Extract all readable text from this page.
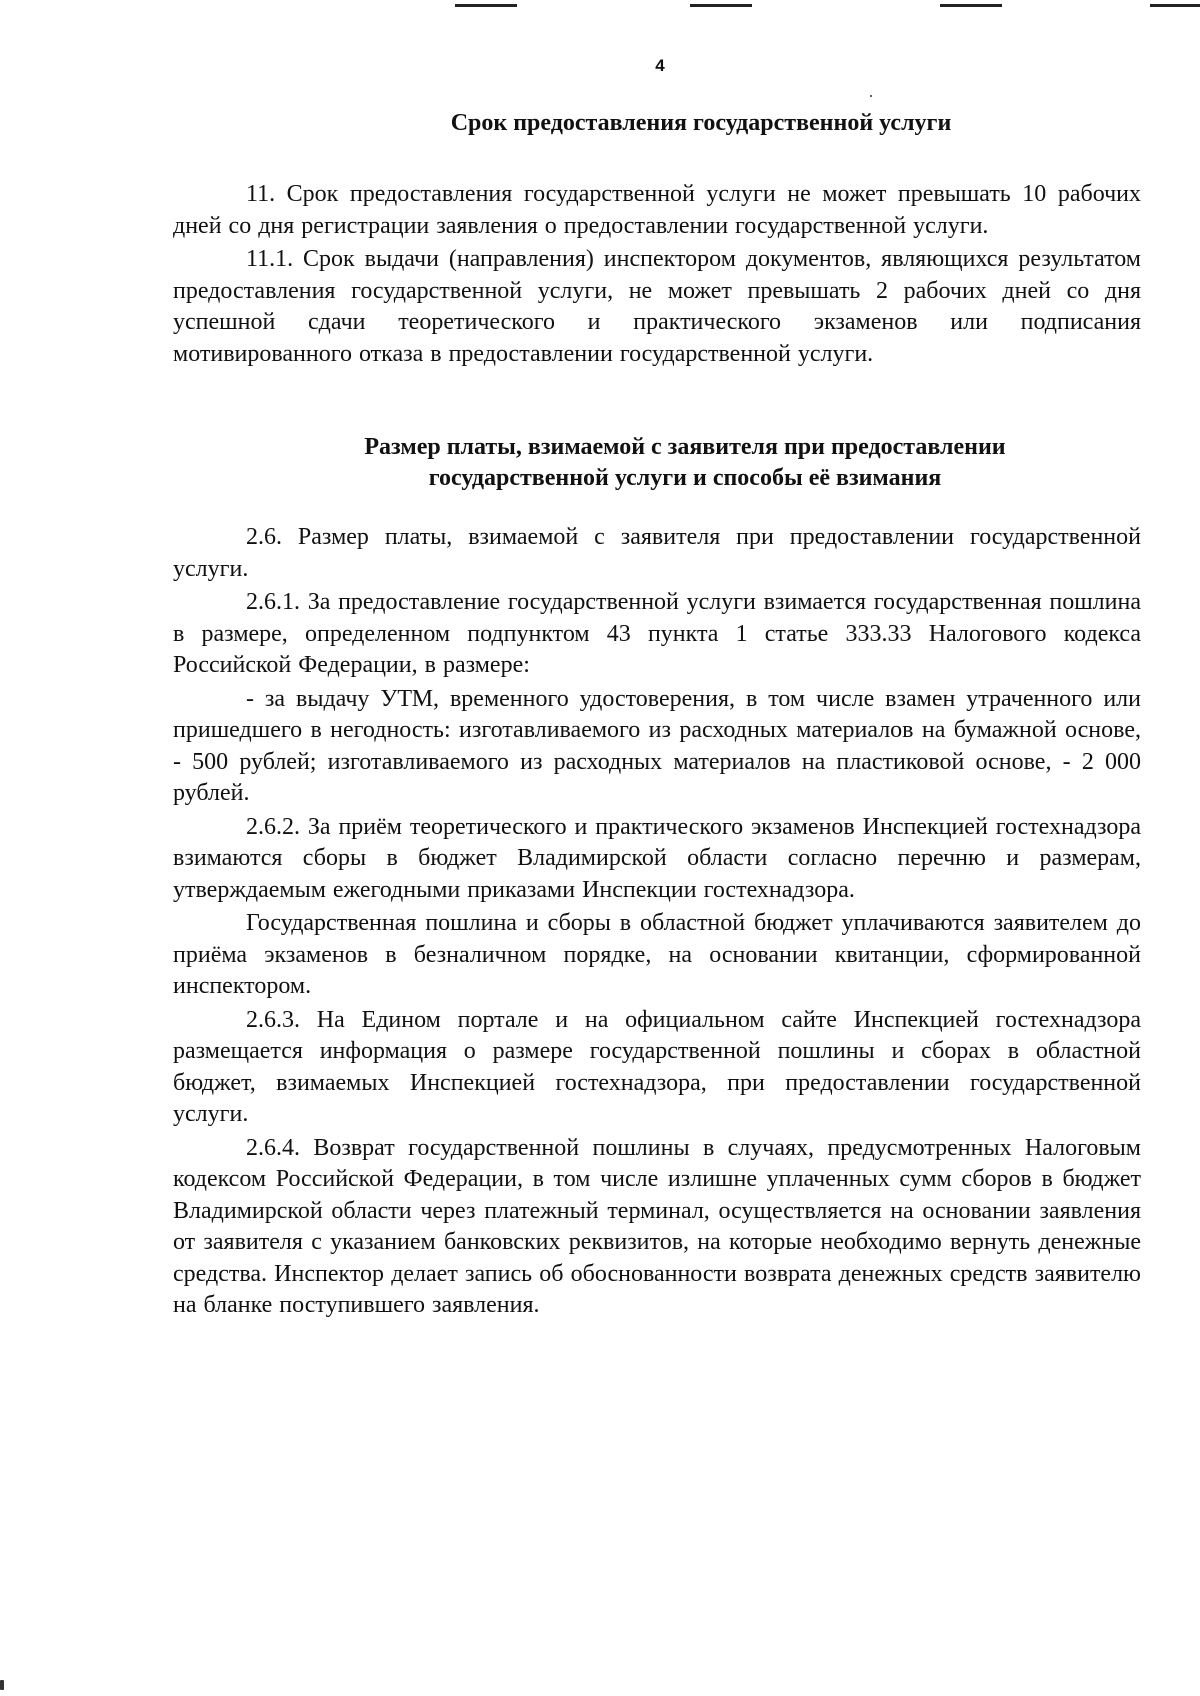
4

Срок предоставления государственной услуги

11. Срок предоставления государственной услуги не может превышать 10 рабочих дней со дня регистрации заявления о предоставлении государственной услуги.

11.1. Срок выдачи (направления) инспектором документов, являющихся результатом предоставления государственной услуги, не может превышать 2 рабочих дней со дня успешной сдачи теоретического и практического экзаменов или подписания мотивированного отказа в предоставлении государственной услуги.

Размер платы, взимаемой с заявителя при предоставлении
государственной услуги и способы её взимания

2.6. Размер платы, взимаемой с заявителя при предоставлении государственной услуги.

2.6.1. За предоставление государственной услуги взимается государственная пошлина в размере, определенном подпунктом 43 пункта 1 статье 333.33 Налогового кодекса Российской Федерации, в размере:

- за выдачу УТМ, временного удостоверения, в том числе взамен утраченного или пришедшего в негодность: изготавливаемого из расходных материалов на бумажной основе, - 500 рублей; изготавливаемого из расходных материалов на пластиковой основе, - 2 000 рублей.

2.6.2. За приём теоретического и практического экзаменов Инспекцией гостехнадзора взимаются сборы в бюджет Владимирской области согласно перечню и размерам, утверждаемым ежегодными приказами Инспекции гостехнадзора.

Государственная пошлина и сборы в областной бюджет уплачиваются заявителем до приёма экзаменов в безналичном порядке, на основании квитанции, сформированной инспектором.

2.6.3. На Едином портале и на официальном сайте Инспекцией гостехнадзора размещается информация о размере государственной пошлины и сборах в областной бюджет, взимаемых Инспекцией гостехнадзора, при предоставлении государственной услуги.

2.6.4. Возврат государственной пошлины в случаях, предусмотренных Налоговым кодексом Российской Федерации, в том числе излишне уплаченных сумм сборов в бюджет Владимирской области через платежный терминал, осуществляется на основании заявления от заявителя с указанием банковских реквизитов, на которые необходимо вернуть денежные средства. Инспектор делает запись об обоснованности возврата денежных средств заявителю на бланке поступившего заявления.
